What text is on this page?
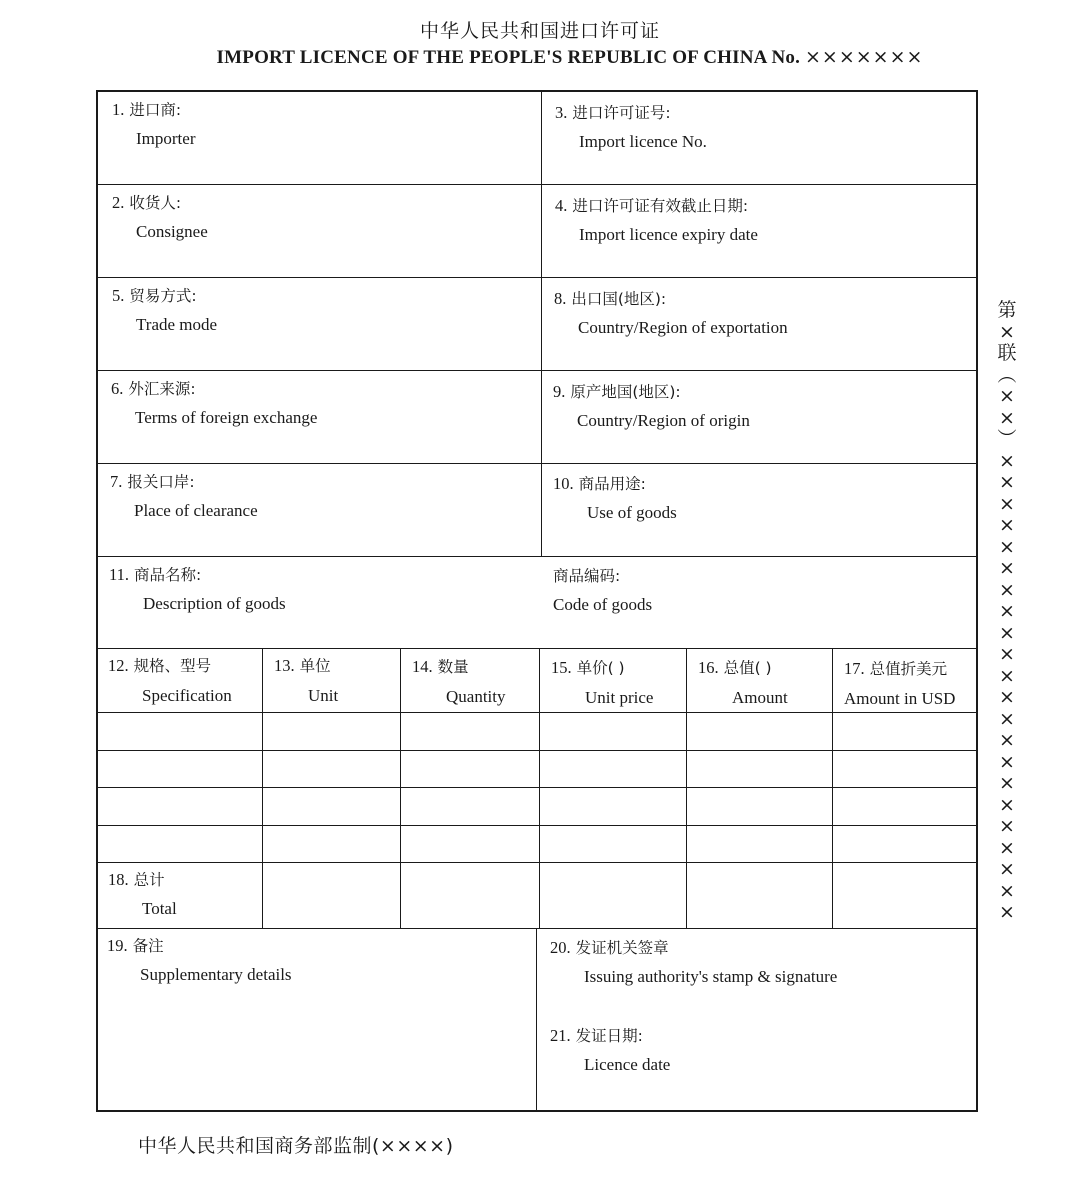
中华人民共和国进口许可证
IMPORT LICENCE OF THE PEOPLE'S REPUBLIC OF CHINA No. ×××××××
1. 进口商:
Importer
3. 进口许可证号:
Import licence No.
2. 收货人:
Consignee
4. 进口许可证有效截止日期:
Import licence expiry date
5. 贸易方式:
Trade mode
8. 出口国(地区):
Country/Region of exportation
6. 外汇来源:
Terms of foreign exchange
9. 原产地国(地区):
Country/Region of origin
7. 报关口岸:
Place of clearance
10. 商品用途:
Use of goods
11. 商品名称:
Description of goods
商品编码:
Code of goods
12. 规格、型号
Specification
13. 单位
Unit
14. 数量
Quantity
15. 单价( )
Unit price
16. 总值( )
Amount
17. 总值折美元
Amount in USD
18. 总计
Total
19. 备注
Supplementary details
20. 发证机关签章
Issuing authority's stamp & signature
21. 发证日期:
Licence date
第
×
联
︵
×
×
︶
×
×
×
×
×
×
×
×
×
×
×
×
×
×
×
×
×
×
×
×
×
×
中华人民共和国商务部监制(××××)
